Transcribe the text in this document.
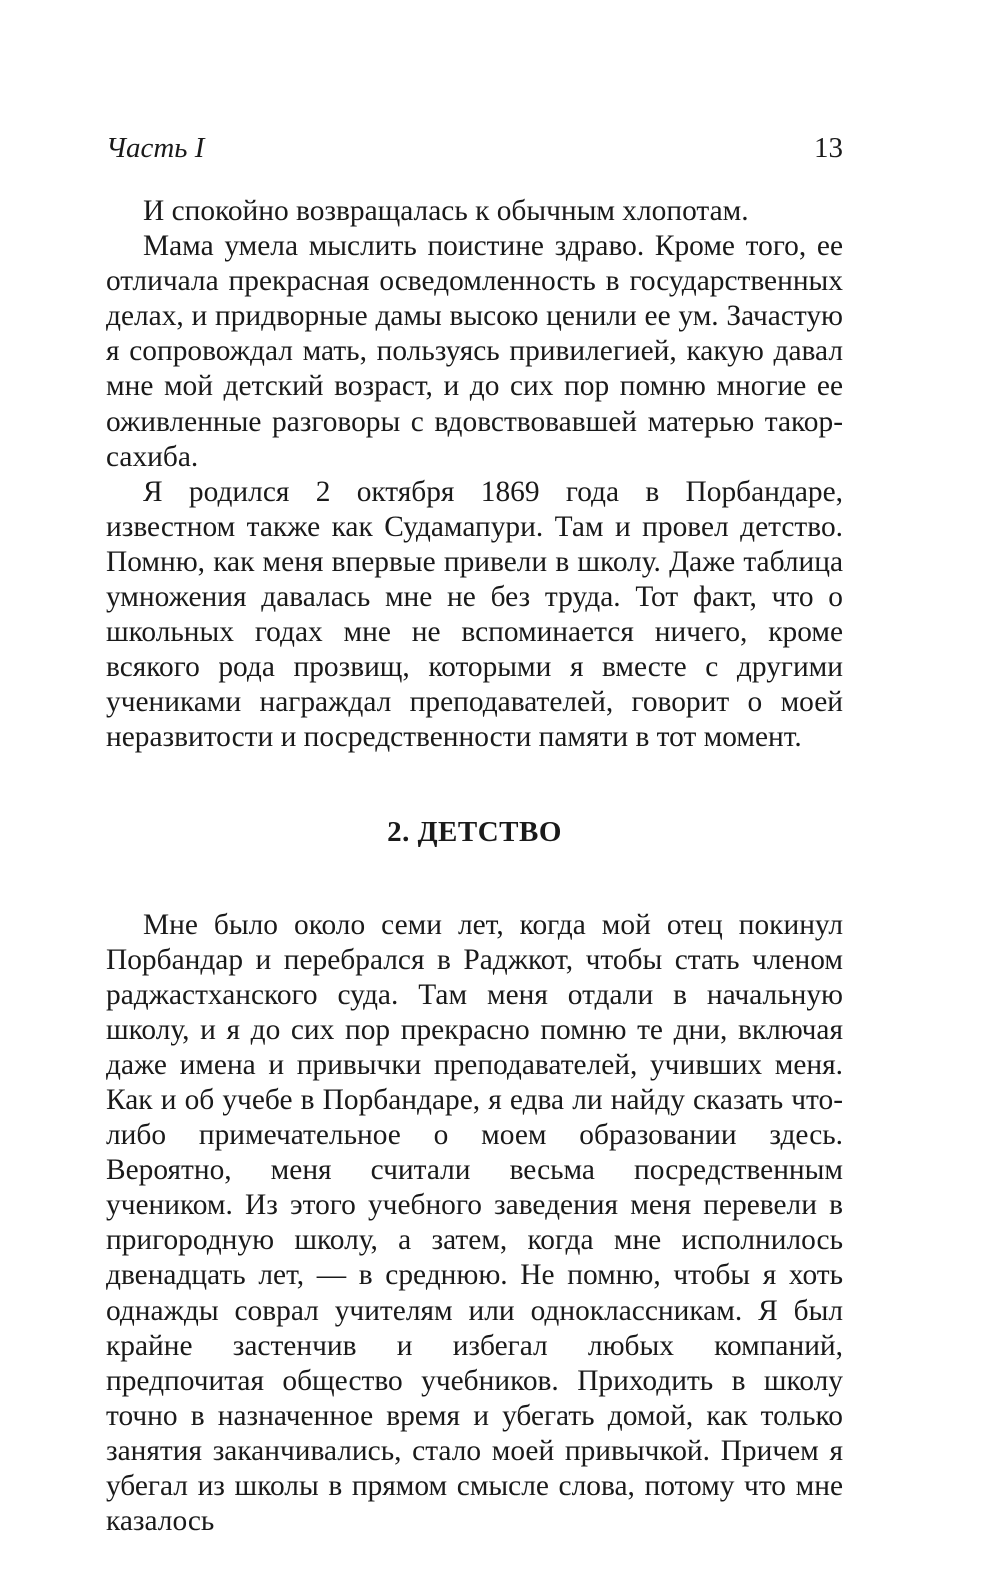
Часть I	13

И спокойно возвращалась к обычным хлопотам.

Мама умела мыслить поистине здраво. Кроме того, ее отличала прекрасная осведомленность в государственных делах, и придворные дамы высоко ценили ее ум. Зачастую я сопровождал мать, пользуясь привилегией, какую давал мне мой детский возраст, и до сих пор помню многие ее оживленные разговоры с вдовствовавшей матерью такор-сахиба.

Я родился 2 октября 1869 года в Порбандаре, известном также как Судамапури. Там и провел детство. Помню, как меня впервые привели в школу. Даже таблица умножения давалась мне не без труда. Тот факт, что о школьных годах мне не вспоминается ничего, кроме всякого рода прозвищ, которыми я вместе с другими учениками награждал преподавателей, говорит о моей неразвитости и посредственности памяти в тот момент.

2. ДЕТСТВО

Мне было около семи лет, когда мой отец покинул Порбандар и перебрался в Раджкот, чтобы стать членом раджастханского суда. Там меня отдали в начальную школу, и я до сих пор прекрасно помню те дни, включая даже имена и привычки преподавателей, учивших меня. Как и об учебе в Порбандаре, я едва ли найду сказать что-либо примечательное о моем образовании здесь. Вероятно, меня считали весьма посредственным учеником. Из этого учебного заведения меня перевели в пригородную школу, а затем, когда мне исполнилось двенадцать лет, — в среднюю. Не помню, чтобы я хоть однажды соврал учителям или одноклассникам. Я был крайне застенчив и избегал любых компаний, предпочитая общество учебников. Приходить в школу точно в назначенное время и убегать домой, как только занятия заканчивались, стало моей привычкой. Причем я убегал из школы в прямом смысле слова, потому что мне казалось
